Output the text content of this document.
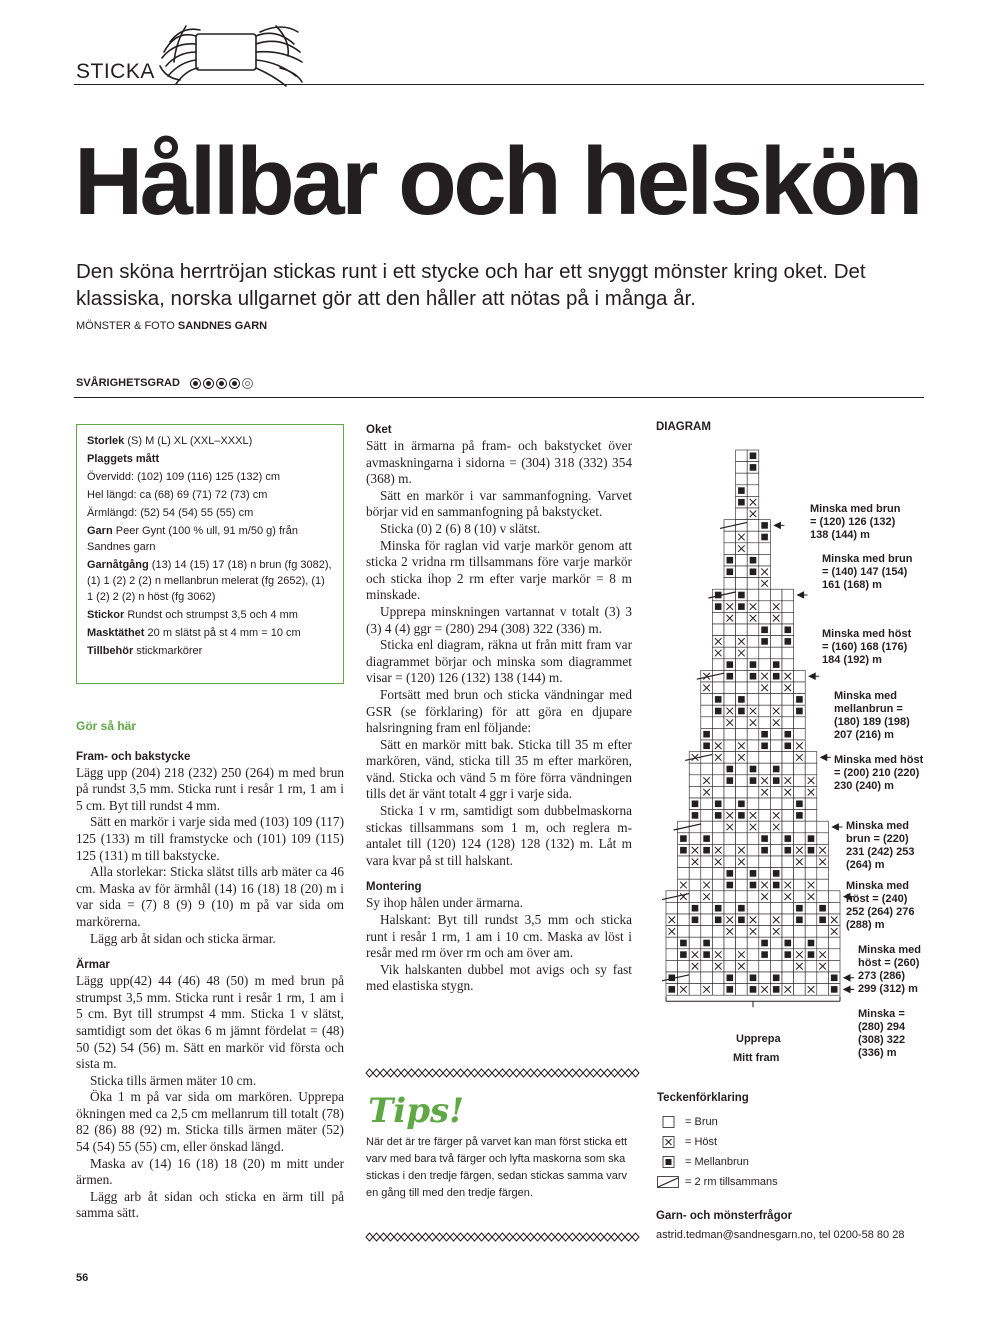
STICKA
Hållbar och helskön

Den sköna herrtröjan stickas runt i ett stycke och har ett snyggt mönster kring oket. Det klassiska, norska ullgarnet gör att den håller att nötas på i många år.

MÖNSTER & FOTO SANDNES GARN
SVÅRIGHETSGRAD

Storlek (S) M (L) XL (XXL–XXXL)

Plaggets mått

Övervidd: (102) 109 (116) 125 (132) cm

Hel längd: ca (68) 69 (71) 72 (73) cm

Ärmlängd: (52) 54 (54) 55 (55) cm

Garn Peer Gynt (100 % ull, 91 m/50 g) från Sandnes garn

Garnåtgång (13) 14 (15) 17 (18) n brun (fg 3082), (1) 1 (2) 2 (2) n mellanbrun melerat (fg 2652), (1) 1 (2) 2 (2) n höst (fg 3062)

Stickor Rundst och strumpst 3,5 och 4 mm

Masktäthet 20 m slätst på st 4 mm = 10 cm

Tillbehör stickmarkörer

Gör så här
Fram- och bakstycke

Lägg upp (204) 218 (232) 250 (264) m med brun på rundst 3,5 mm. Sticka runt i resår 1 rm, 1 am i 5 cm. Byt till rundst 4 mm.

Sätt en markör i varje sida med (103) 109 (117) 125 (133) m till framstycke och (101) 109 (115) 125 (131) m till bakstycke.

Alla storlekar: Sticka slätst tills arb mäter ca 46 cm. Maska av för ärmhål (14) 16 (18) 18 (20) m i var sida = (7) 8 (9) 9 (10) m på var sida om markörerna.

Lägg arb åt sidan och sticka ärmar.

Ärmar

Lägg upp(42) 44 (46) 48 (50) m med brun på strumpst 3,5 mm. Sticka runt i resår 1 rm, 1 am i 5 cm. Byt till strumpst 4 mm. Sticka 1 v slätst, samtidigt som det ökas 6 m jämnt fördelat = (48) 50 (52) 54 (56) m. Sätt en markör vid första och sista m.

Sticka tills ärmen mäter 10 cm.

Öka 1 m på var sida om markören. Upprepa ökningen med ca 2,5 cm mellanrum till totalt (78) 82 (86) 88 (92) m. Sticka tills ärmen mäter (52) 54 (54) 55 (55) cm, eller önskad längd.

Maska av (14) 16 (18) 18 (20) m mitt under ärmen.

Lägg arb åt sidan och sticka en ärm till på samma sätt.

Oket

Sätt in ärmarna på fram- och bakstycket över avmaskningarna i sidorna = (304) 318 (332) 354 (368) m.

Sätt en markör i var sammanfogning. Varvet börjar vid en sammanfogning på bakstycket.

Sticka (0) 2 (6) 8 (10) v slätst.

Minska för raglan vid varje markör genom att sticka 2 vridna rm tillsammans före varje markör och sticka ihop 2 rm efter varje markör = 8 m minskade.

Upprepa minskningen vartannat v totalt (3) 3 (3) 4 (4) ggr = (280) 294 (308) 322 (336) m.

Sticka enl diagram, räkna ut från mitt fram var diagrammet börjar och minska som diagrammet visar = (120) 126 (132) 138 (144) m.

Fortsätt med brun och sticka vändningar med GSR (se förklaring) för att göra en djupare halsringning fram enl följande:

Sätt en markör mitt bak. Sticka till 35 m efter markören, vänd, sticka till 35 m efter markören, vänd. Sticka och vänd 5 m före förra vändningen tills det är vänt totalt 4 ggr i varje sida.

Sticka 1 v rm, samtidigt som dubbelmaskorna stickas tillsammans som 1 m, och reglera m-antalet till (120) 124 (128) 128 (132) m. Låt m vara kvar på st till halskant.

Montering

Sy ihop hålen under ärmarna.

Halskant: Byt till rundst 3,5 mm och sticka runt i resår 1 rm, 1 am i 10 cm. Maska av löst i resår med rm över rm och am över am.

Vik halskanten dubbel mot avigs och sy fast med elastiska stygn.

Tips!

När det är tre färger på varvet kan man först sticka ett varv med bara två färger och lyfta maskorna som ska stickas i den tredje färgen, sedan stickas samma varv en gång till med den tredje färgen.

DIAGRAM
Minska med brun
= (120) 126 (132)
138 (144) m
Minska med brun
= (140) 147 (154)
161 (168) m
Minska med höst
= (160) 168 (176)
184 (192) m
Minska med
mellanbrun =
(180) 189 (198)
207 (216) m
Minska med höst
= (200) 210 (220)
230 (240) m
Minska med
brun = (220)
231 (242) 253
(264) m
Minska med
höst = (240)
252 (264) 276
(288) m
Minska med
höst = (260)
273 (286)
299 (312) m
Minska =
(280) 294
(308) 322
(336) m
Upprepa
Mitt fram
Teckenförklaring
= Brun
= Höst
= Mellanbrun
= 2 rm tillsammans
Garn- och mönsterfrågor
astrid.tedman@sandnesgarn.no, tel 0200-58 80 28
56
